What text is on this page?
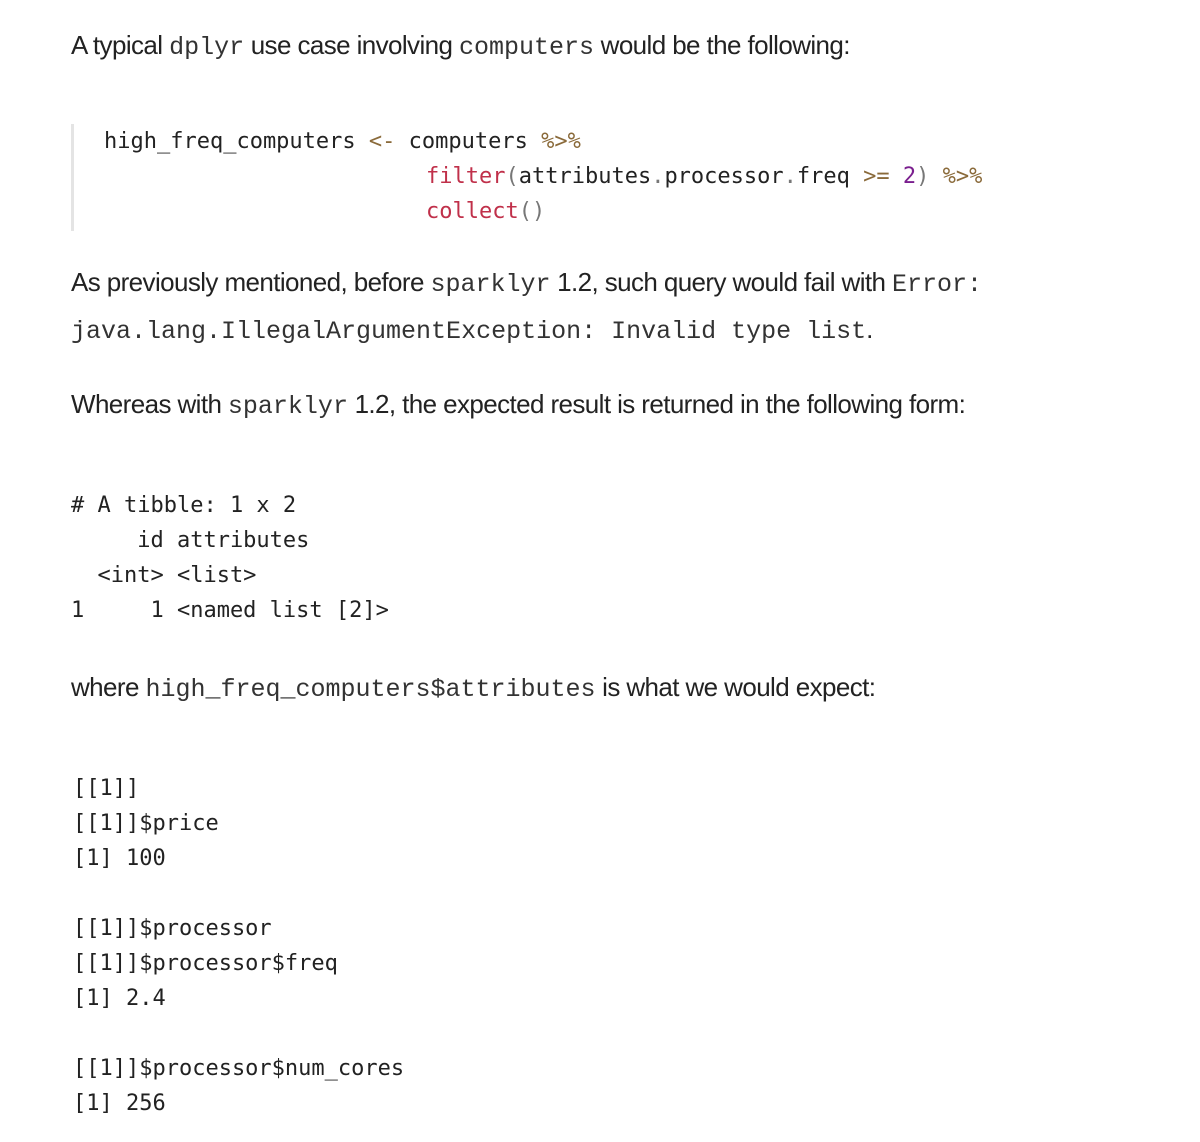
A typical dplyr use case involving computers would be the following:

high_freq_computers <- computers %>%
filter(attributes.processor.freq >= 2) %>%
collect()

As previously mentioned, before sparklyr 1.2, such query would fail with Error:

java.lang.IllegalArgumentException: Invalid type list.

Whereas with sparklyr 1.2, the expected result is returned in the following form:

# A tibble: 1 x 2
id attributes
<int> <list>
1     1 <named list [2]>

where high_freq_computers$attributes is what we would expect:

[[1]]
[[1]]$price
[1] 100
[[1]]$processor
[[1]]$processor$freq
[1] 2.4
[[1]]$processor$num_cores
[1] 256
